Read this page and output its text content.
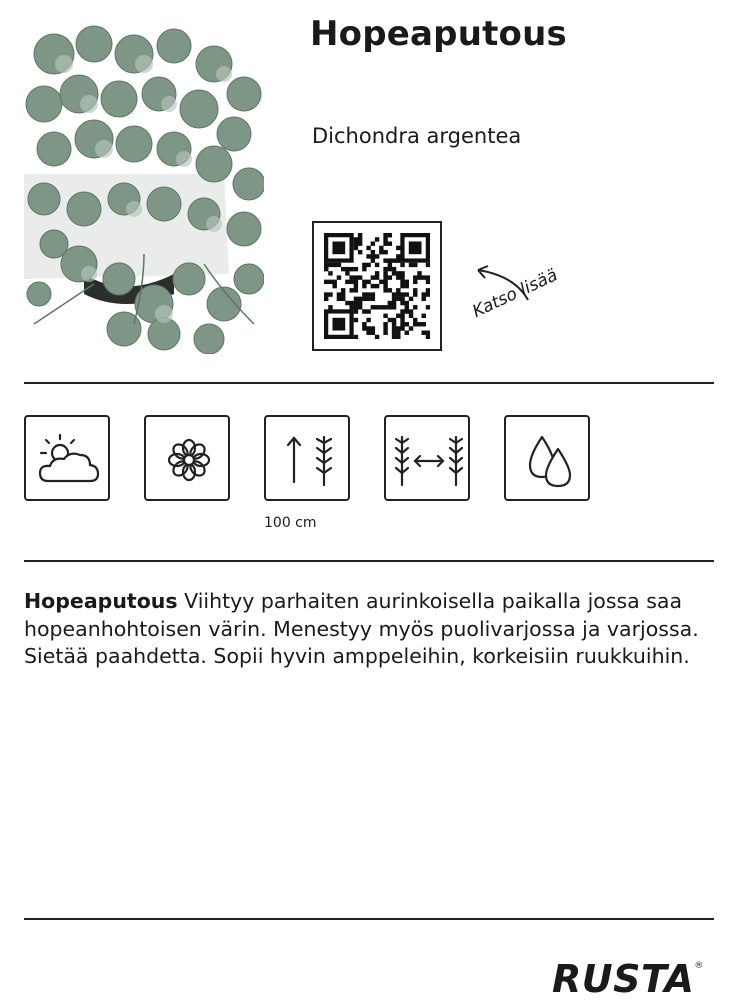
Hopeaputous
Dichondra argentea
Katso lisää
100 cm
Hopeaputous Viihtyy parhaiten aurinkoisella paikalla jossa saa hopeanhohtoisen värin. Menestyy myös puolivarjossa ja varjossa. Sietää paahdetta. Sopii hyvin amppeleihin, korkeisiin ruukkuihin.
RUSTA®
